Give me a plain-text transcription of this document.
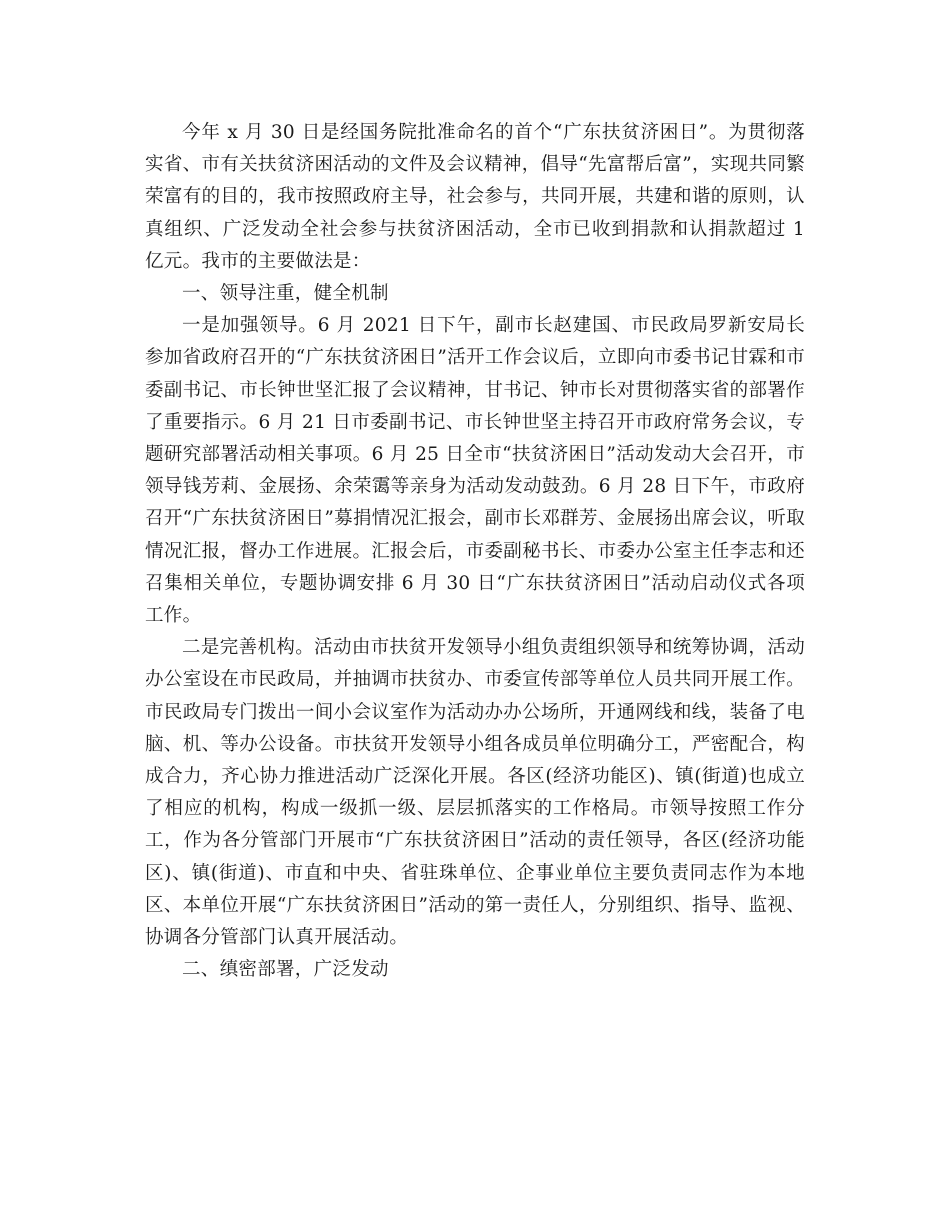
今年 x 月 30 日是经国务院批准命名的首个“广东扶贫济困日”。为贯彻落实省、市有关扶贫济困活动的文件及会议精神，倡导“先富帮后富”，实现共同繁荣富有的目的，我市按照政府主导，社会参与，共同开展，共建和谐的原则，认真组织、广泛发动全社会参与扶贫济困活动，全市已收到捐款和认捐款超过 1 亿元。我市的主要做法是：

一、领导注重，健全机制

一是加强领导。6 月 2021 日下午，副市长赵建国、市民政局罗新安局长参加省政府召开的“广东扶贫济困日”活开工作会议后，立即向市委书记甘霖和市委副书记、市长钟世坚汇报了会议精神，甘书记、钟市长对贯彻落实省的部署作了重要指示。6 月 21 日市委副书记、市长钟世坚主持召开市政府常务会议，专题研究部署活动相关事项。6 月 25 日全市“扶贫济困日”活动发动大会召开，市领导钱芳莉、金展扬、余荣霭等亲身为活动发动鼓劲。6 月 28 日下午，市政府召开“广东扶贫济困日”募捐情况汇报会，副市长邓群芳、金展扬出席会议，听取情况汇报，督办工作进展。汇报会后，市委副秘书长、市委办公室主任李志和还召集相关单位，专题协调安排 6 月 30 日“广东扶贫济困日”活动启动仪式各项工作。

二是完善机构。活动由市扶贫开发领导小组负责组织领导和统筹协调，活动办公室设在市民政局，并抽调市扶贫办、市委宣传部等单位人员共同开展工作。市民政局专门拨出一间小会议室作为活动办办公场所，开通网线和线，装备了电脑、机、等办公设备。市扶贫开发领导小组各成员单位明确分工，严密配合，构成合力，齐心协力推进活动广泛深化开展。各区(经济功能区)、镇(街道)也成立了相应的机构，构成一级抓一级、层层抓落实的工作格局。市领导按照工作分工，作为各分管部门开展市“广东扶贫济困日”活动的责任领导，各区(经济功能区)、镇(街道)、市直和中央、省驻珠单位、企事业单位主要负责同志作为本地区、本单位开展“广东扶贫济困日”活动的第一责任人，分别组织、指导、监视、协调各分管部门认真开展活动。

二、缜密部署，广泛发动
